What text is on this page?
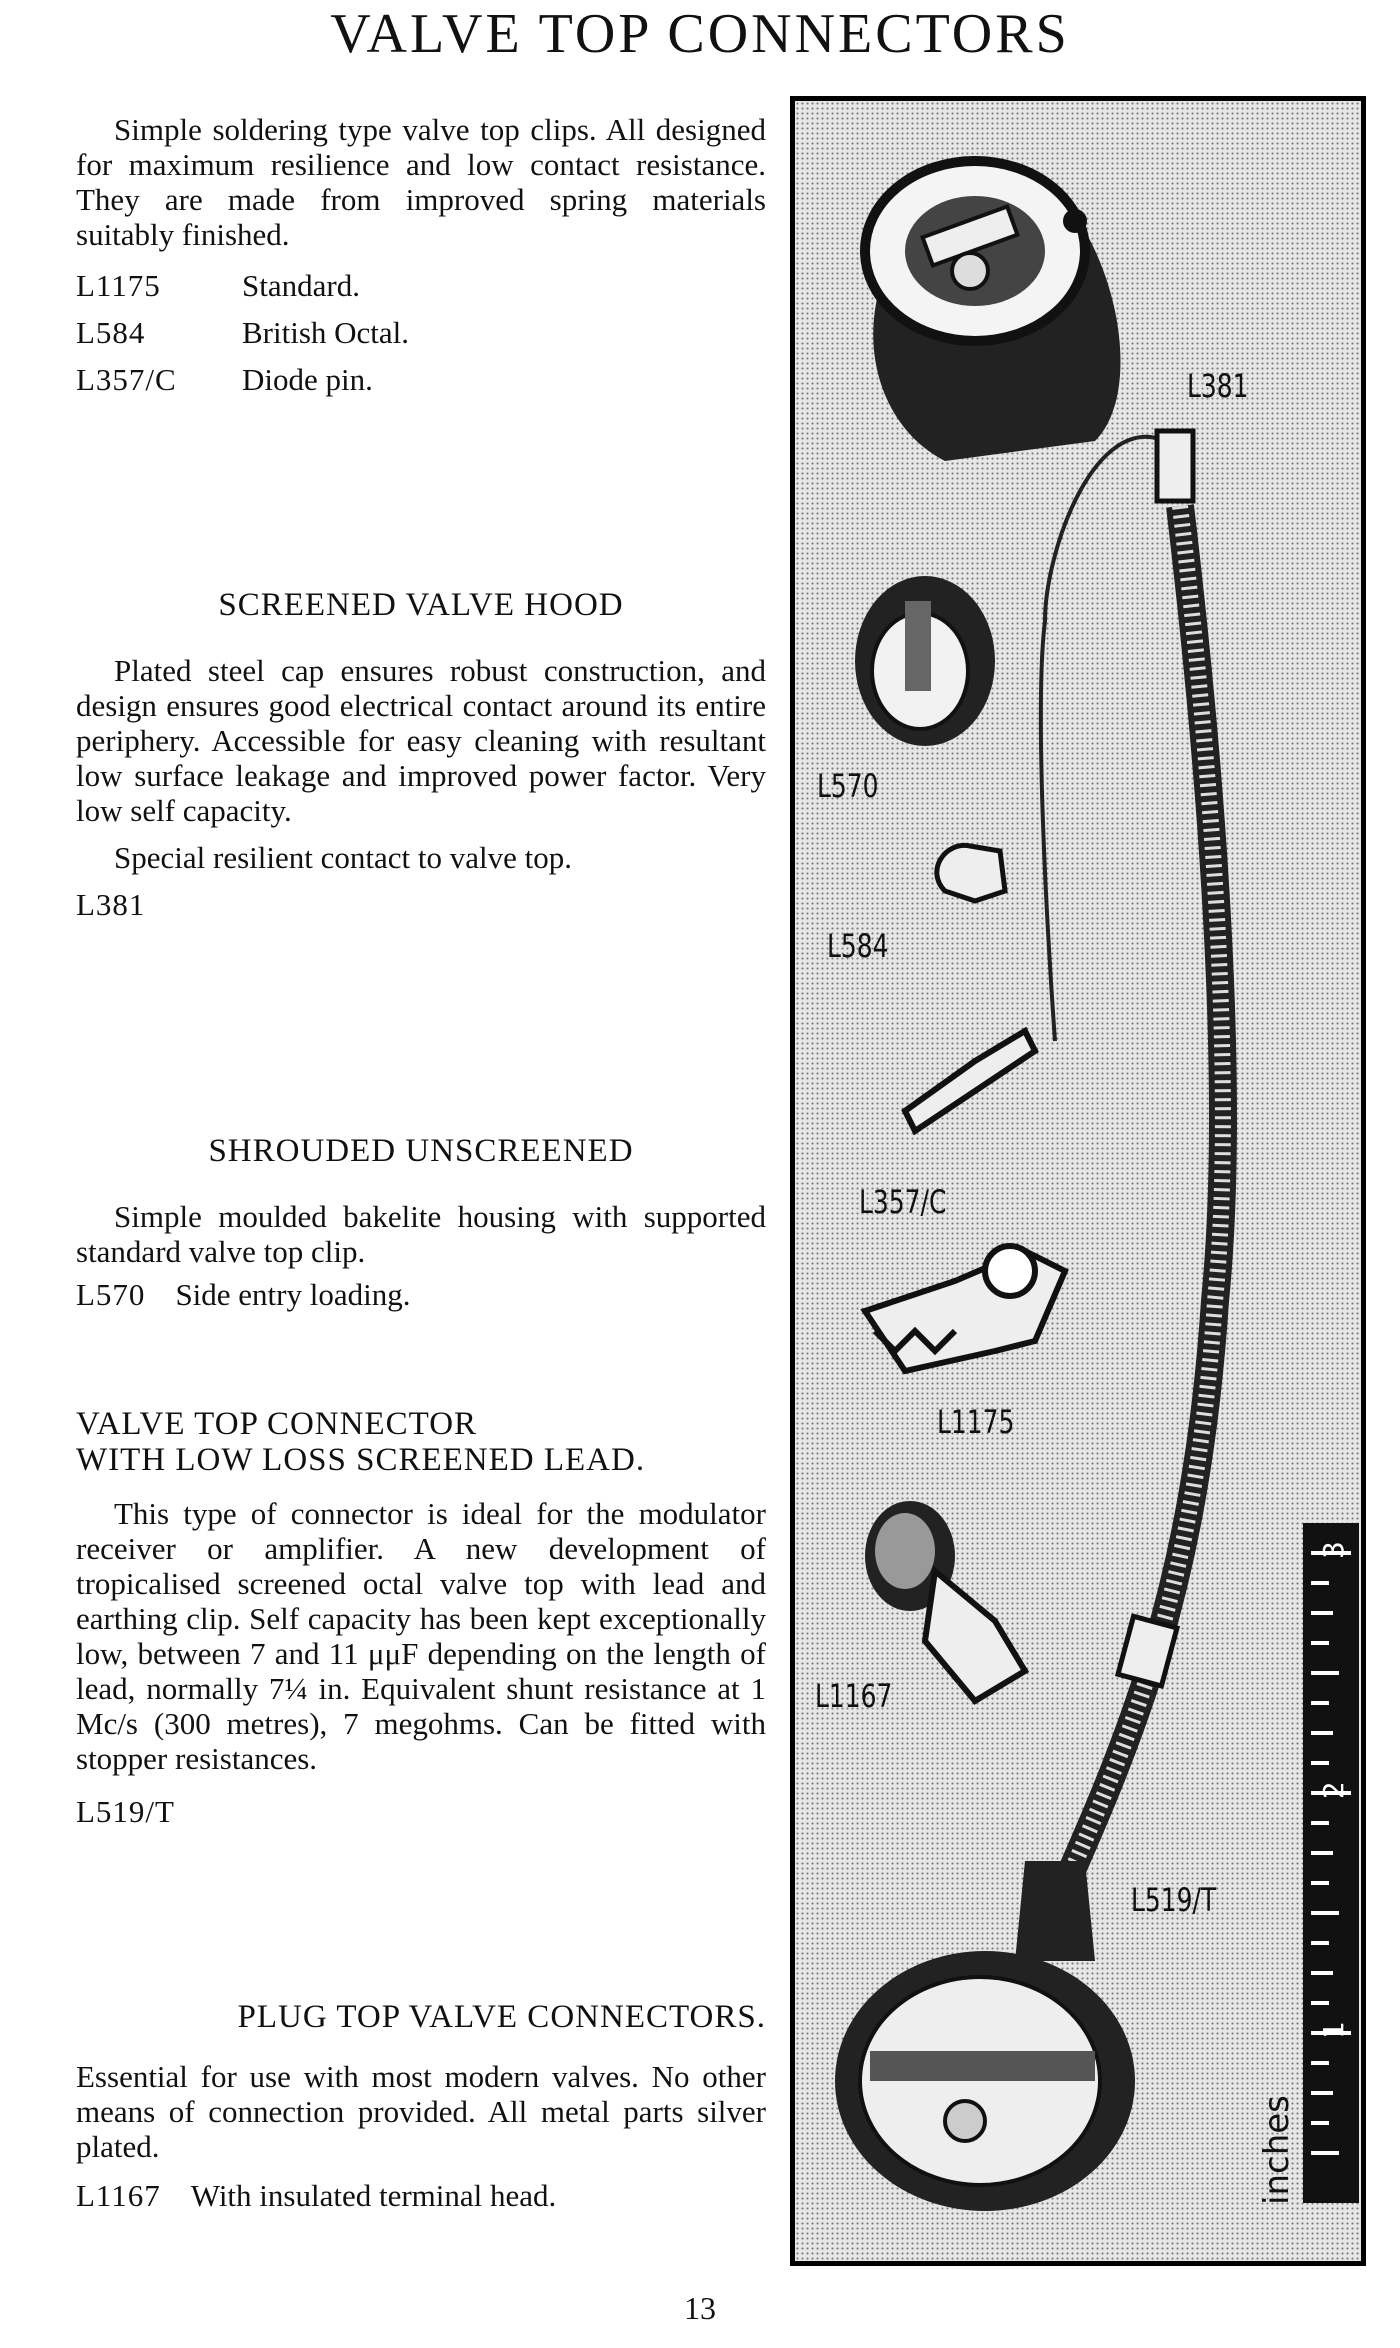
VALVE TOP CONNECTORS

Simple soldering type valve top clips. All designed for maximum resilience and low contact resistance. They are made from improved spring materials suitably finished.

L1175	Standard.
L584	British Octal.
L357/C	Diode pin.
SCREENED VALVE HOOD

Plated steel cap ensures robust construction, and design ensures good electrical contact around its entire periphery. Accessible for easy cleaning with resultant low surface leakage and improved power factor. Very low self capacity.

Special resilient contact to valve top.

L381
SHROUDED UNSCREENED

Simple moulded bakelite housing with supported standard valve top clip.

L570 Side entry loading.
VALVE TOP CONNECTOR
WITH LOW LOSS SCREENED LEAD.

This type of connector is ideal for the modulator receiver or amplifier. A new development of tropicalised screened octal valve top with lead and earthing clip. Self capacity has been kept exceptionally low, between 7 and 11 μμF depending on the length of lead, normally 7¼ in. Equivalent shunt resistance at 1 Mc/s (300 metres), 7 megohms. Can be fitted with stopper resistances.

L519/T
PLUG TOP VALVE CONNECTORS.

Essential for use with most modern valves. No other means of connection provided. All metal parts silver plated.

L1167 With insulated terminal head.
13
L381
L570
L584
L357/C
L1175
L1167
L519/T
3
2
1
inches
